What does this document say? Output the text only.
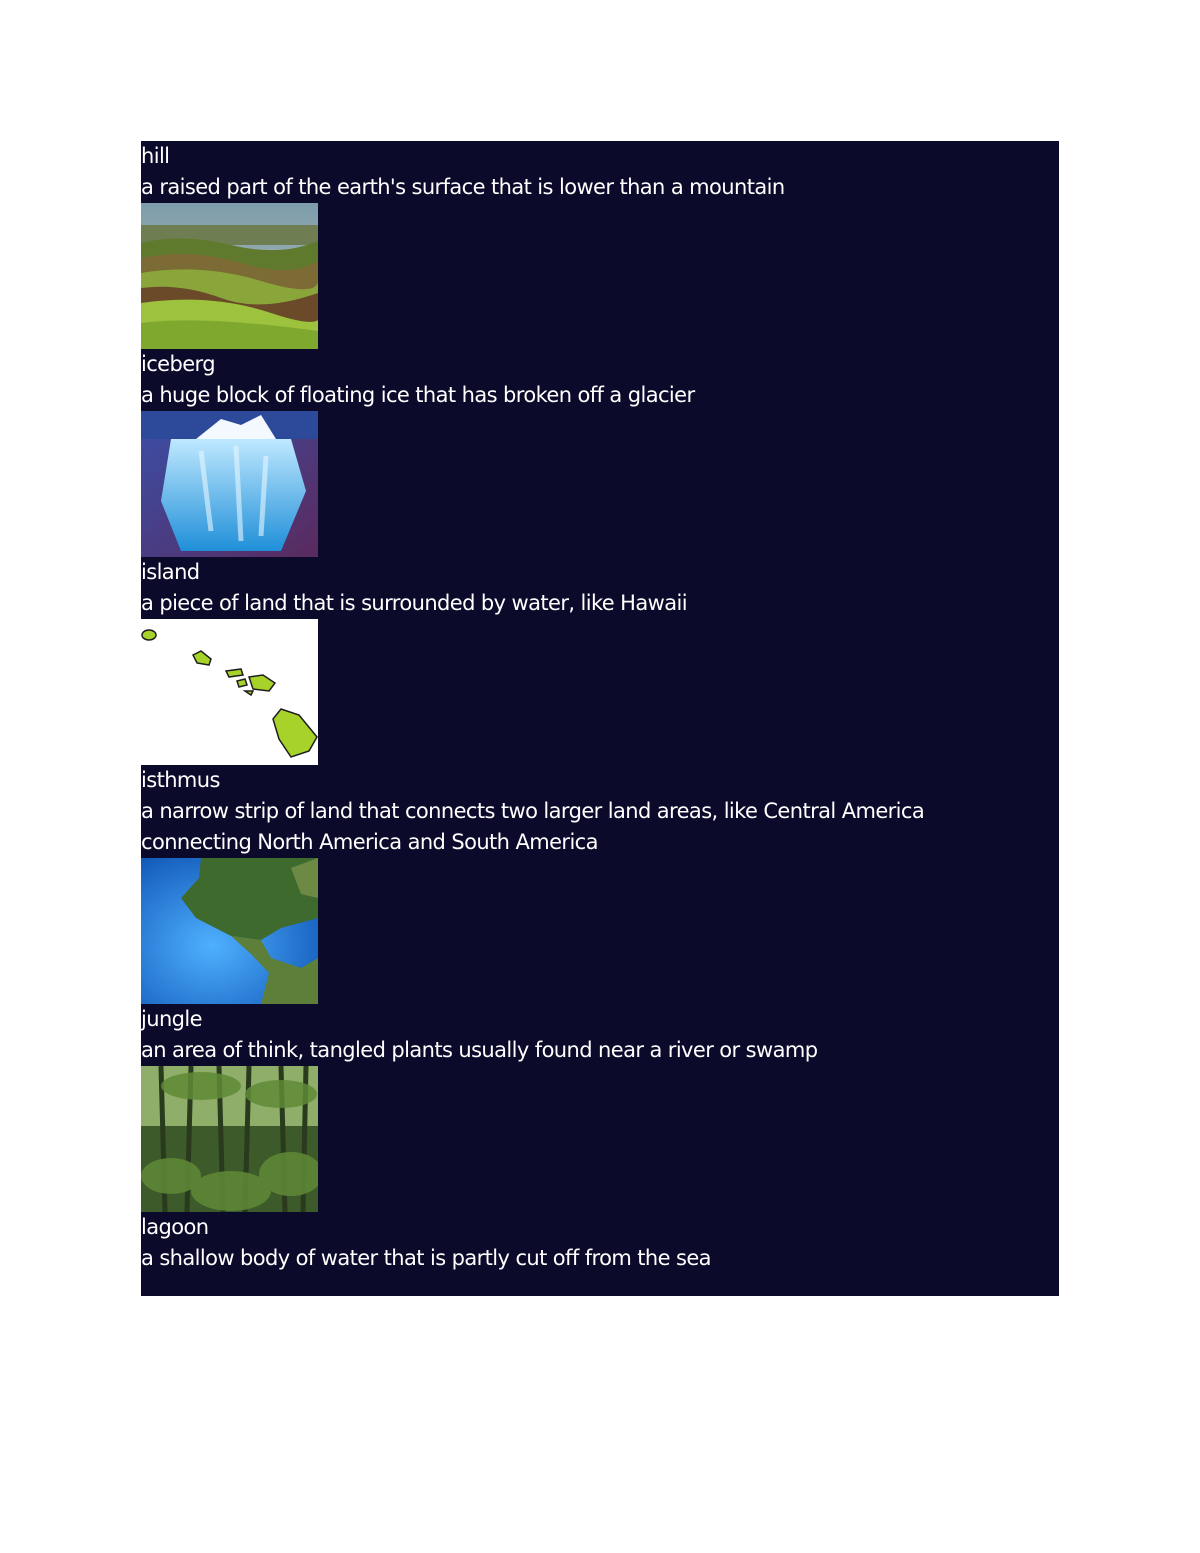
hill

a raised part of the earth's surface that is lower than a mountain

iceberg

a huge block of floating ice that has broken off a glacier

island

a piece of land that is surrounded by water, like Hawaii

isthmus

a narrow strip of land that connects two larger land areas, like Central America connecting North America and South America

jungle

an area of think, tangled plants usually found near a river or swamp

lagoon

a shallow body of water that is partly cut off from the sea
